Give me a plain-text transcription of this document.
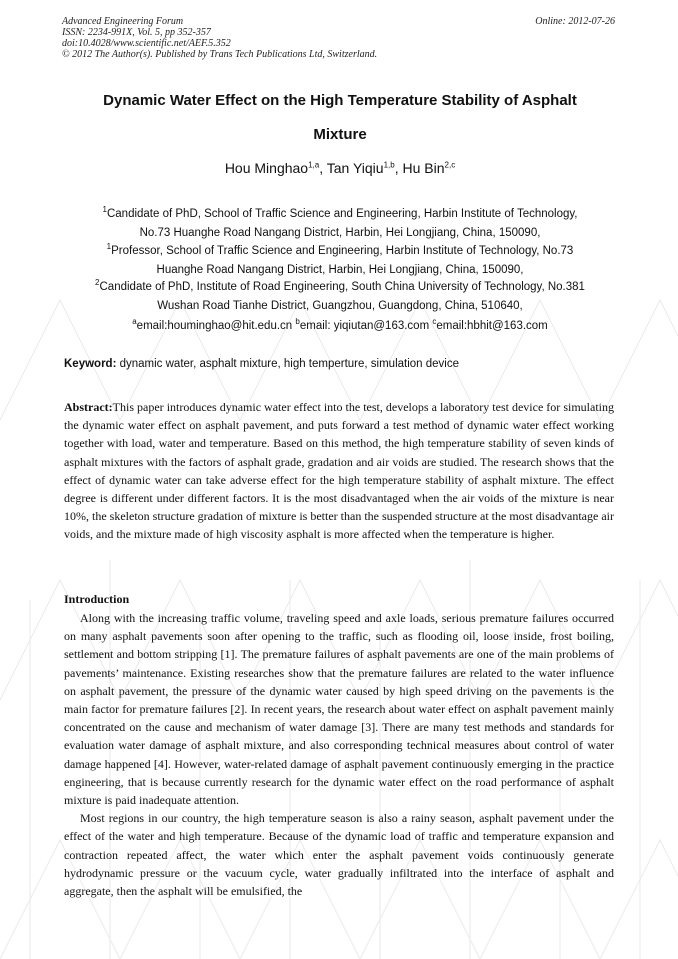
Advanced Engineering Forum
ISSN: 2234-991X, Vol. 5, pp 352-357
doi:10.4028/www.scientific.net/AEF.5.352
© 2012 The Author(s). Published by Trans Tech Publications Ltd, Switzerland.
Online: 2012-07-26
Dynamic Water Effect on the High Temperature Stability of Asphalt
Mixture
Hou Minghao$^{1,a}$, Tan Yiqiu$^{1,b}$, Hu Bin$^{2,c}$
$^1$Candidate of PhD, School of Traffic Science and Engineering, Harbin Institute of Technology,
No.73 Huanghe Road Nangang District, Harbin, Hei Longjiang, China, 150090,
$^1$Professor, School of Traffic Science and Engineering, Harbin Institute of Technology, No.73
Huanghe Road Nangang District, Harbin, Hei Longjiang, China, 150090,
$^2$Candidate of PhD, Institute of Road Engineering, South China University of Technology, No.381
Wushan Road Tianhe District, Guangzhou, Guangdong, China, 510640,
$^a$email:houminghao@hit.edu.cn $^b$email: yiqiutan@163.com $^c$email:hbhit@163.com
Keyword: dynamic water, asphalt mixture, high temperture, simulation device
Abstract:This paper introduces dynamic water effect into the test, develops a laboratory test device for simulating the dynamic water effect on asphalt pavement, and puts forward a test method of dynamic water effect working together with load, water and temperature. Based on this method, the high temperature stability of seven kinds of asphalt mixtures with the factors of asphalt grade, gradation and air voids are studied. The research shows that the effect of dynamic water can take adverse effect for the high temperature stability of asphalt mixture. The effect degree is different under different factors. It is the most disadvantaged when the air voids of the mixture is near 10%, the skeleton structure gradation of mixture is better than the suspended structure at the most disadvantage air voids, and the mixture made of high viscosity asphalt is more affected when the temperature is higher.
Introduction
Along with the increasing traffic volume, traveling speed and axle loads, serious premature failures occurred on many asphalt pavements soon after opening to the traffic, such as flooding oil, loose inside, frost boiling, settlement and bottom stripping [1]. The premature failures of asphalt pavements are one of the main problems of pavements’ maintenance. Existing researches show that the premature failures are related to the water influence on asphalt pavement, the pressure of the dynamic water caused by high speed driving on the pavements is the main factor for premature failures [2]. In recent years, the research about water effect on asphalt pavement mainly concentrated on the cause and mechanism of water damage [3]. There are many test methods and standards for evaluation water damage of asphalt mixture, and also corresponding technical measures about control of water damage happened [4]. However, water-related damage of asphalt pavement continuously emerging in the practice engineering, that is because currently research for the dynamic water effect on the road performance of asphalt mixture is paid inadequate attention.
Most regions in our country, the high temperature season is also a rainy season, asphalt pavement under the effect of the water and high temperature. Because of the dynamic load of traffic and temperature expansion and contraction repeated affect, the water which enter the asphalt pavement voids continuously generate hydrodynamic pressure or the vacuum cycle, water gradually infiltrated into the interface of asphalt and aggregate, then the asphalt will be emulsified, the
